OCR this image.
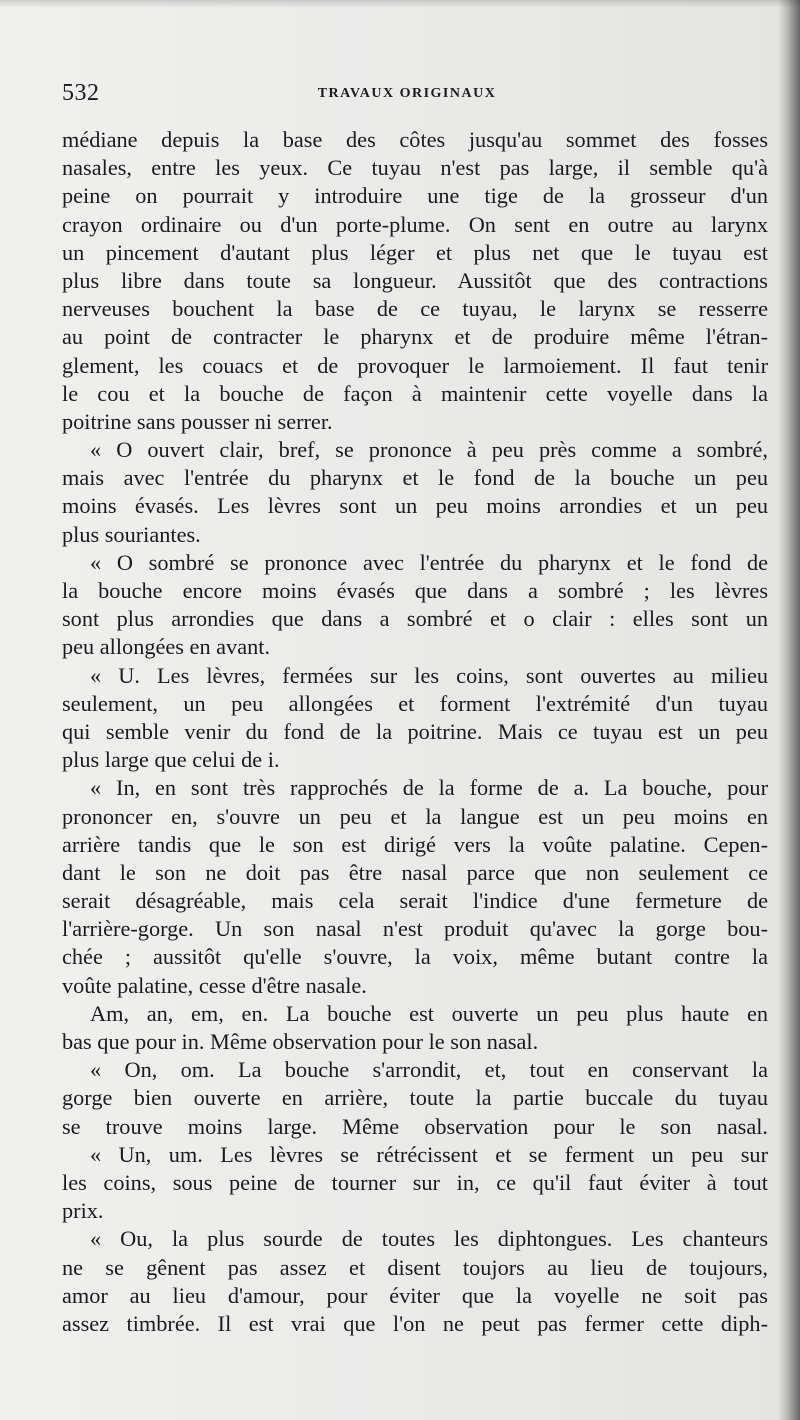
532	TRAVAUX ORIGINAUX
médiane depuis la base des côtes jusqu'au sommet des fosses
nasales, entre les yeux. Ce tuyau n'est pas large, il semble qu'à
peine on pourrait y introduire une tige de la grosseur d'un
crayon ordinaire ou d'un porte-plume. On sent en outre au larynx
un pincement d'autant plus léger et plus net que le tuyau est
plus libre dans toute sa longueur. Aussitôt que des contractions
nerveuses bouchent la base de ce tuyau, le larynx se resserre
au point de contracter le pharynx et de produire même l'étran-
glement, les couacs et de provoquer le larmoiement. Il faut tenir
le cou et la bouche de façon à maintenir cette voyelle dans la
poitrine sans pousser ni serrer.
« O ouvert clair, bref, se prononce à peu près comme a sombré,
mais avec l'entrée du pharynx et le fond de la bouche un peu
moins évasés. Les lèvres sont un peu moins arrondies et un peu
plus souriantes.
« O sombré se prononce avec l'entrée du pharynx et le fond de
la bouche encore moins évasés que dans a sombré ; les lèvres
sont plus arrondies que dans a sombré et o clair : elles sont un
peu allongées en avant.
« U. Les lèvres, fermées sur les coins, sont ouvertes au milieu
seulement, un peu allongées et forment l'extrémité d'un tuyau
qui semble venir du fond de la poitrine. Mais ce tuyau est un peu
plus large que celui de i.
« In, en sont très rapprochés de la forme de a. La bouche, pour
prononcer en, s'ouvre un peu et la langue est un peu moins en
arrière tandis que le son est dirigé vers la voûte palatine. Cepen-
dant le son ne doit pas être nasal parce que non seulement ce
serait désagréable, mais cela serait l'indice d'une fermeture de
l'arrière-gorge. Un son nasal n'est produit qu'avec la gorge bou-
chée ; aussitôt qu'elle s'ouvre, la voix, même butant contre la
voûte palatine, cesse d'être nasale.
Am, an, em, en. La bouche est ouverte un peu plus haute en
bas que pour in. Même observation pour le son nasal.
« On, om. La bouche s'arrondit, et, tout en conservant la
gorge bien ouverte en arrière, toute la partie buccale du tuyau
se trouve moins large. Même observation pour le son nasal.
« Un, um. Les lèvres se rétrécissent et se ferment un peu sur
les coins, sous peine de tourner sur in, ce qu'il faut éviter à tout
prix.
« Ou, la plus sourde de toutes les diphtongues. Les chanteurs
ne se gênent pas assez et disent toujors au lieu de toujours,
amor au lieu d'amour, pour éviter que la voyelle ne soit pas
assez timbrée. Il est vrai que l'on ne peut pas fermer cette diph-
